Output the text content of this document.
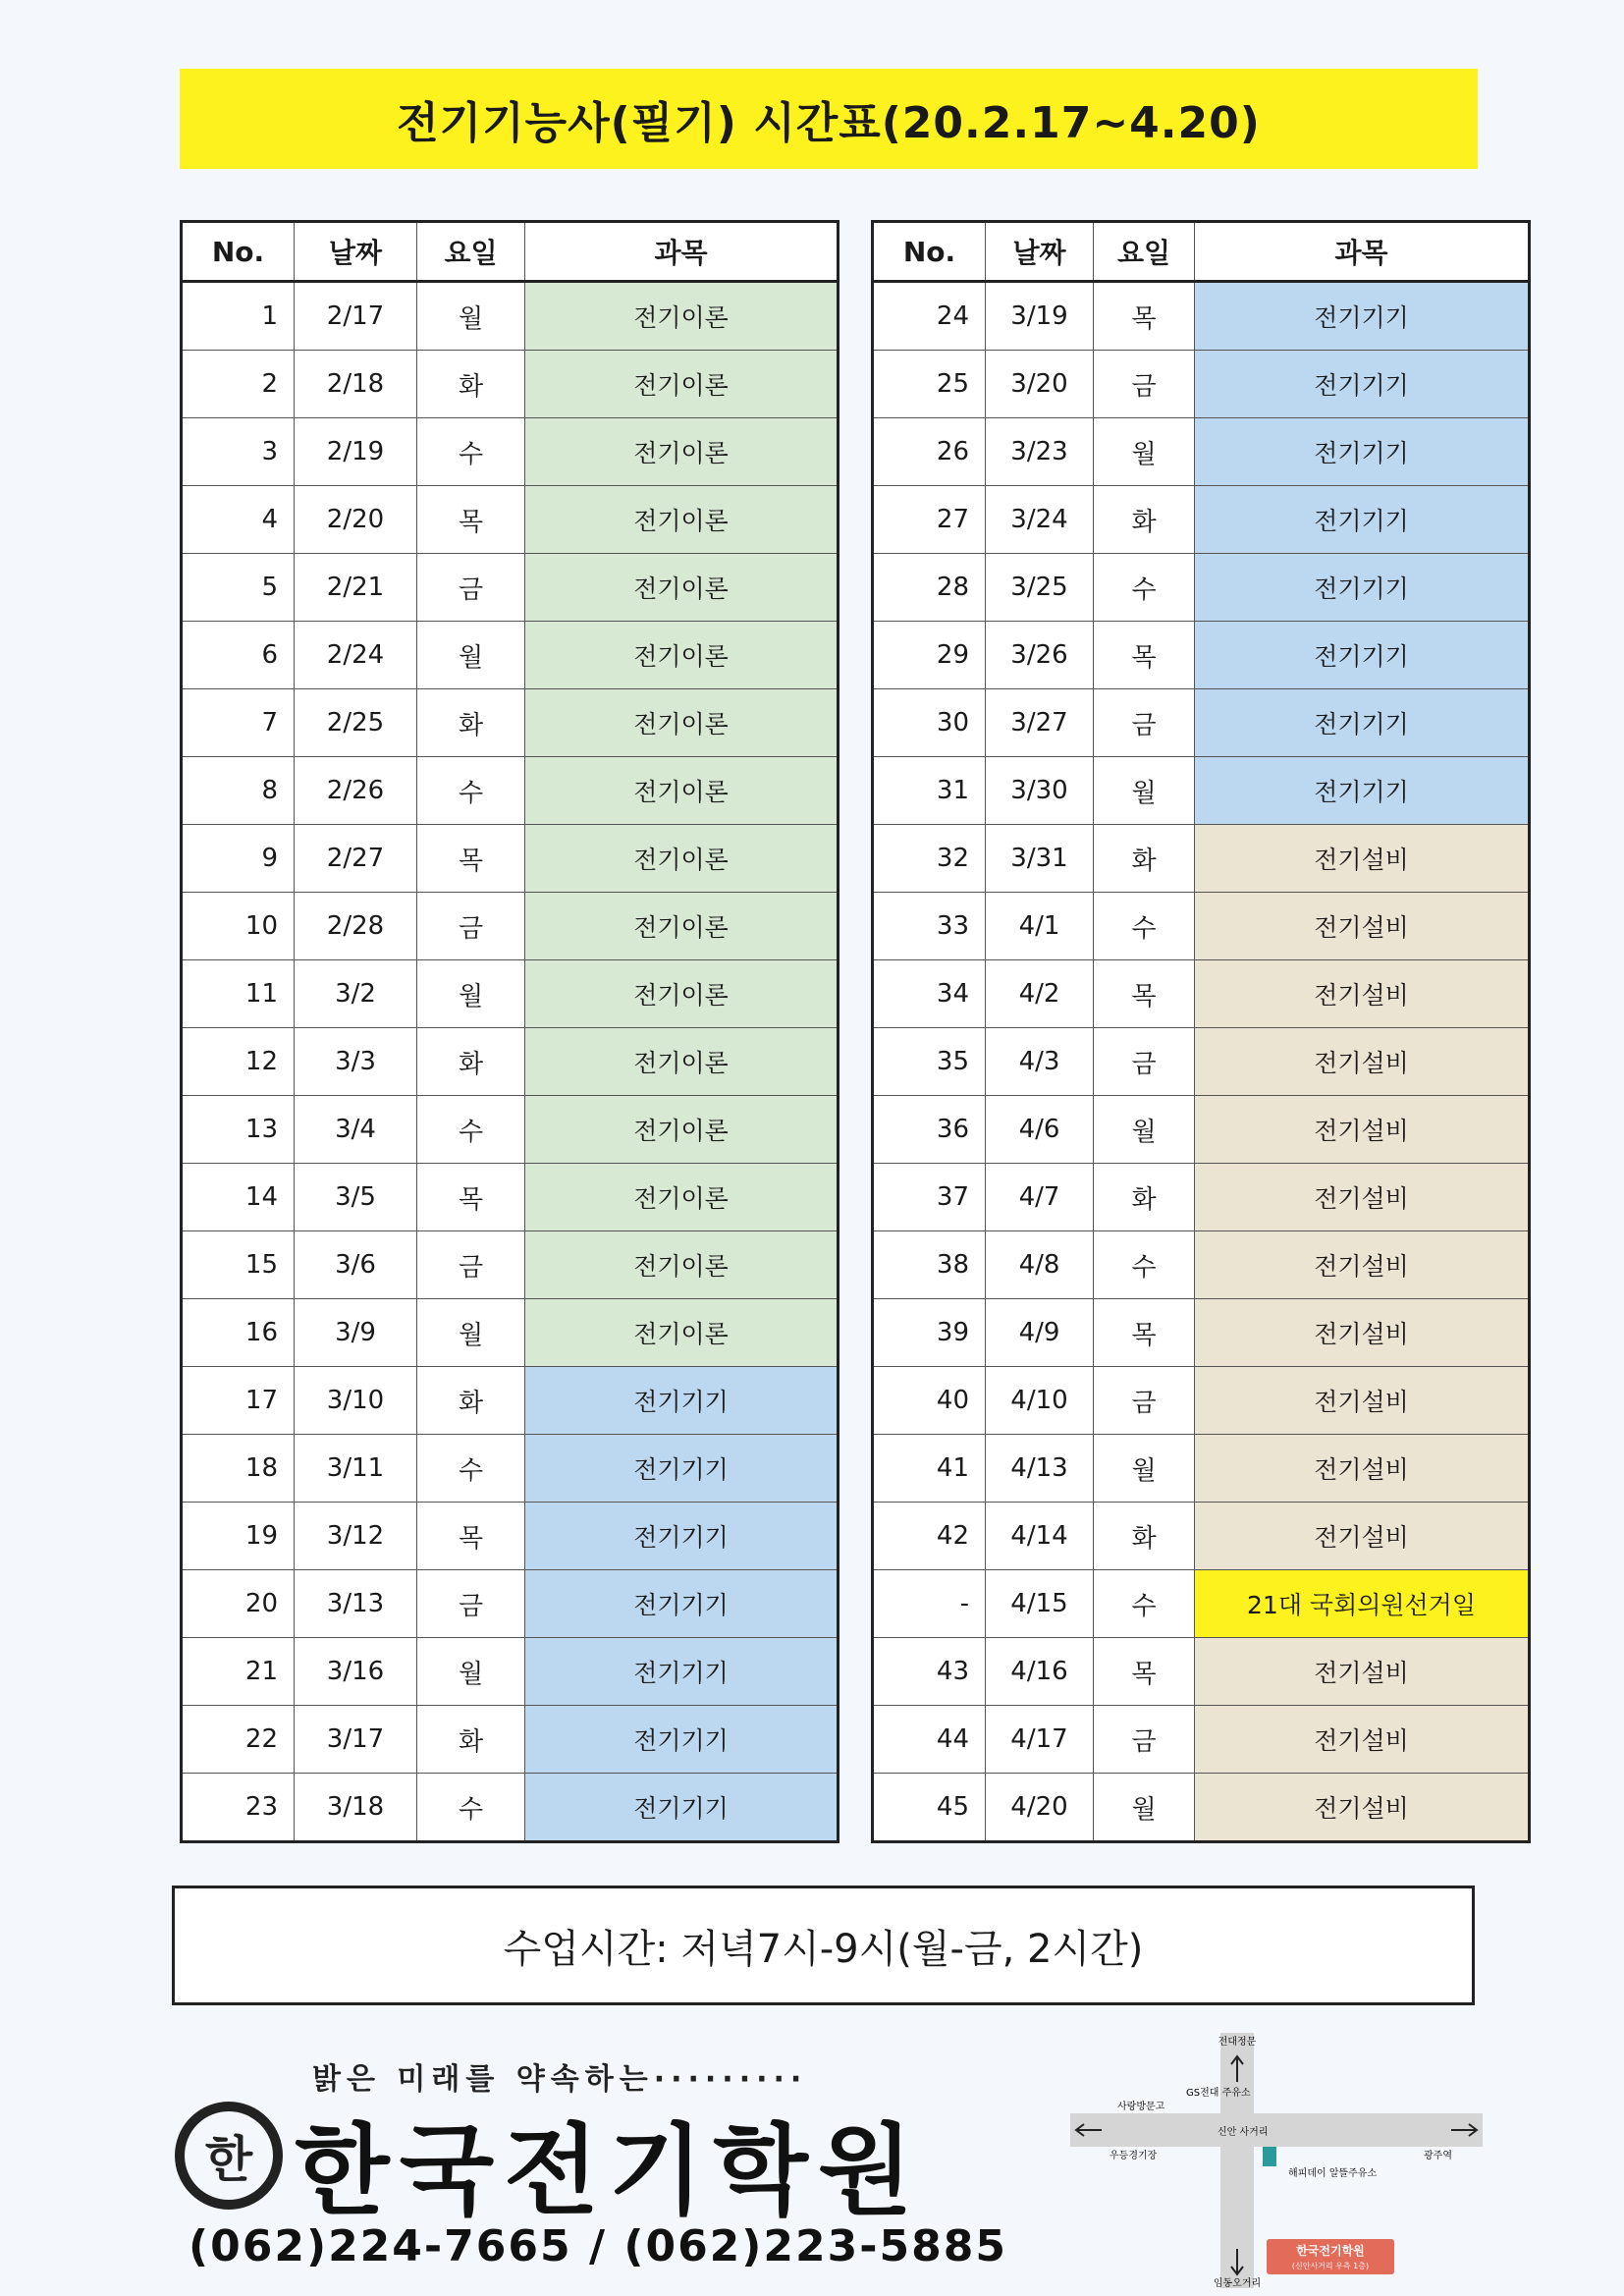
전기기능사(필기) 시간표(20.2.17~4.20)
No.	날짜	요일	과목
1	2/17	월	전기이론
2	2/18	화	전기이론
3	2/19	수	전기이론
4	2/20	목	전기이론
5	2/21	금	전기이론
6	2/24	월	전기이론
7	2/25	화	전기이론
8	2/26	수	전기이론
9	2/27	목	전기이론
10	2/28	금	전기이론
11	3/2	월	전기이론
12	3/3	화	전기이론
13	3/4	수	전기이론
14	3/5	목	전기이론
15	3/6	금	전기이론
16	3/9	월	전기이론
17	3/10	화	전기기기
18	3/11	수	전기기기
19	3/12	목	전기기기
20	3/13	금	전기기기
21	3/16	월	전기기기
22	3/17	화	전기기기
23	3/18	수	전기기기
No.	날짜	요일	과목
24	3/19	목	전기기기
25	3/20	금	전기기기
26	3/23	월	전기기기
27	3/24	화	전기기기
28	3/25	수	전기기기
29	3/26	목	전기기기
30	3/27	금	전기기기
31	3/30	월	전기기기
32	3/31	화	전기설비
33	4/1	수	전기설비
34	4/2	목	전기설비
35	4/3	금	전기설비
36	4/6	월	전기설비
37	4/7	화	전기설비
38	4/8	수	전기설비
39	4/9	목	전기설비
40	4/10	금	전기설비
41	4/13	월	전기설비
42	4/14	화	전기설비
-	4/15	수	21대 국회의원선거일
43	4/16	목	전기설비
44	4/17	금	전기설비
45	4/20	월	전기설비
수업시간: 저녁7시-9시(월-금, 2시간)
밝은 미래를 약속하는·········
한 한국전기학원
(062)224-7665 / (062)223-5885
전대정문
임동오거리
우등경기장	광주역
GS전대 주유소
사랑방문고
신안 사거리
해피데이 알뜰주유소
한국전기학원
(신안사거리 우측 1층)
